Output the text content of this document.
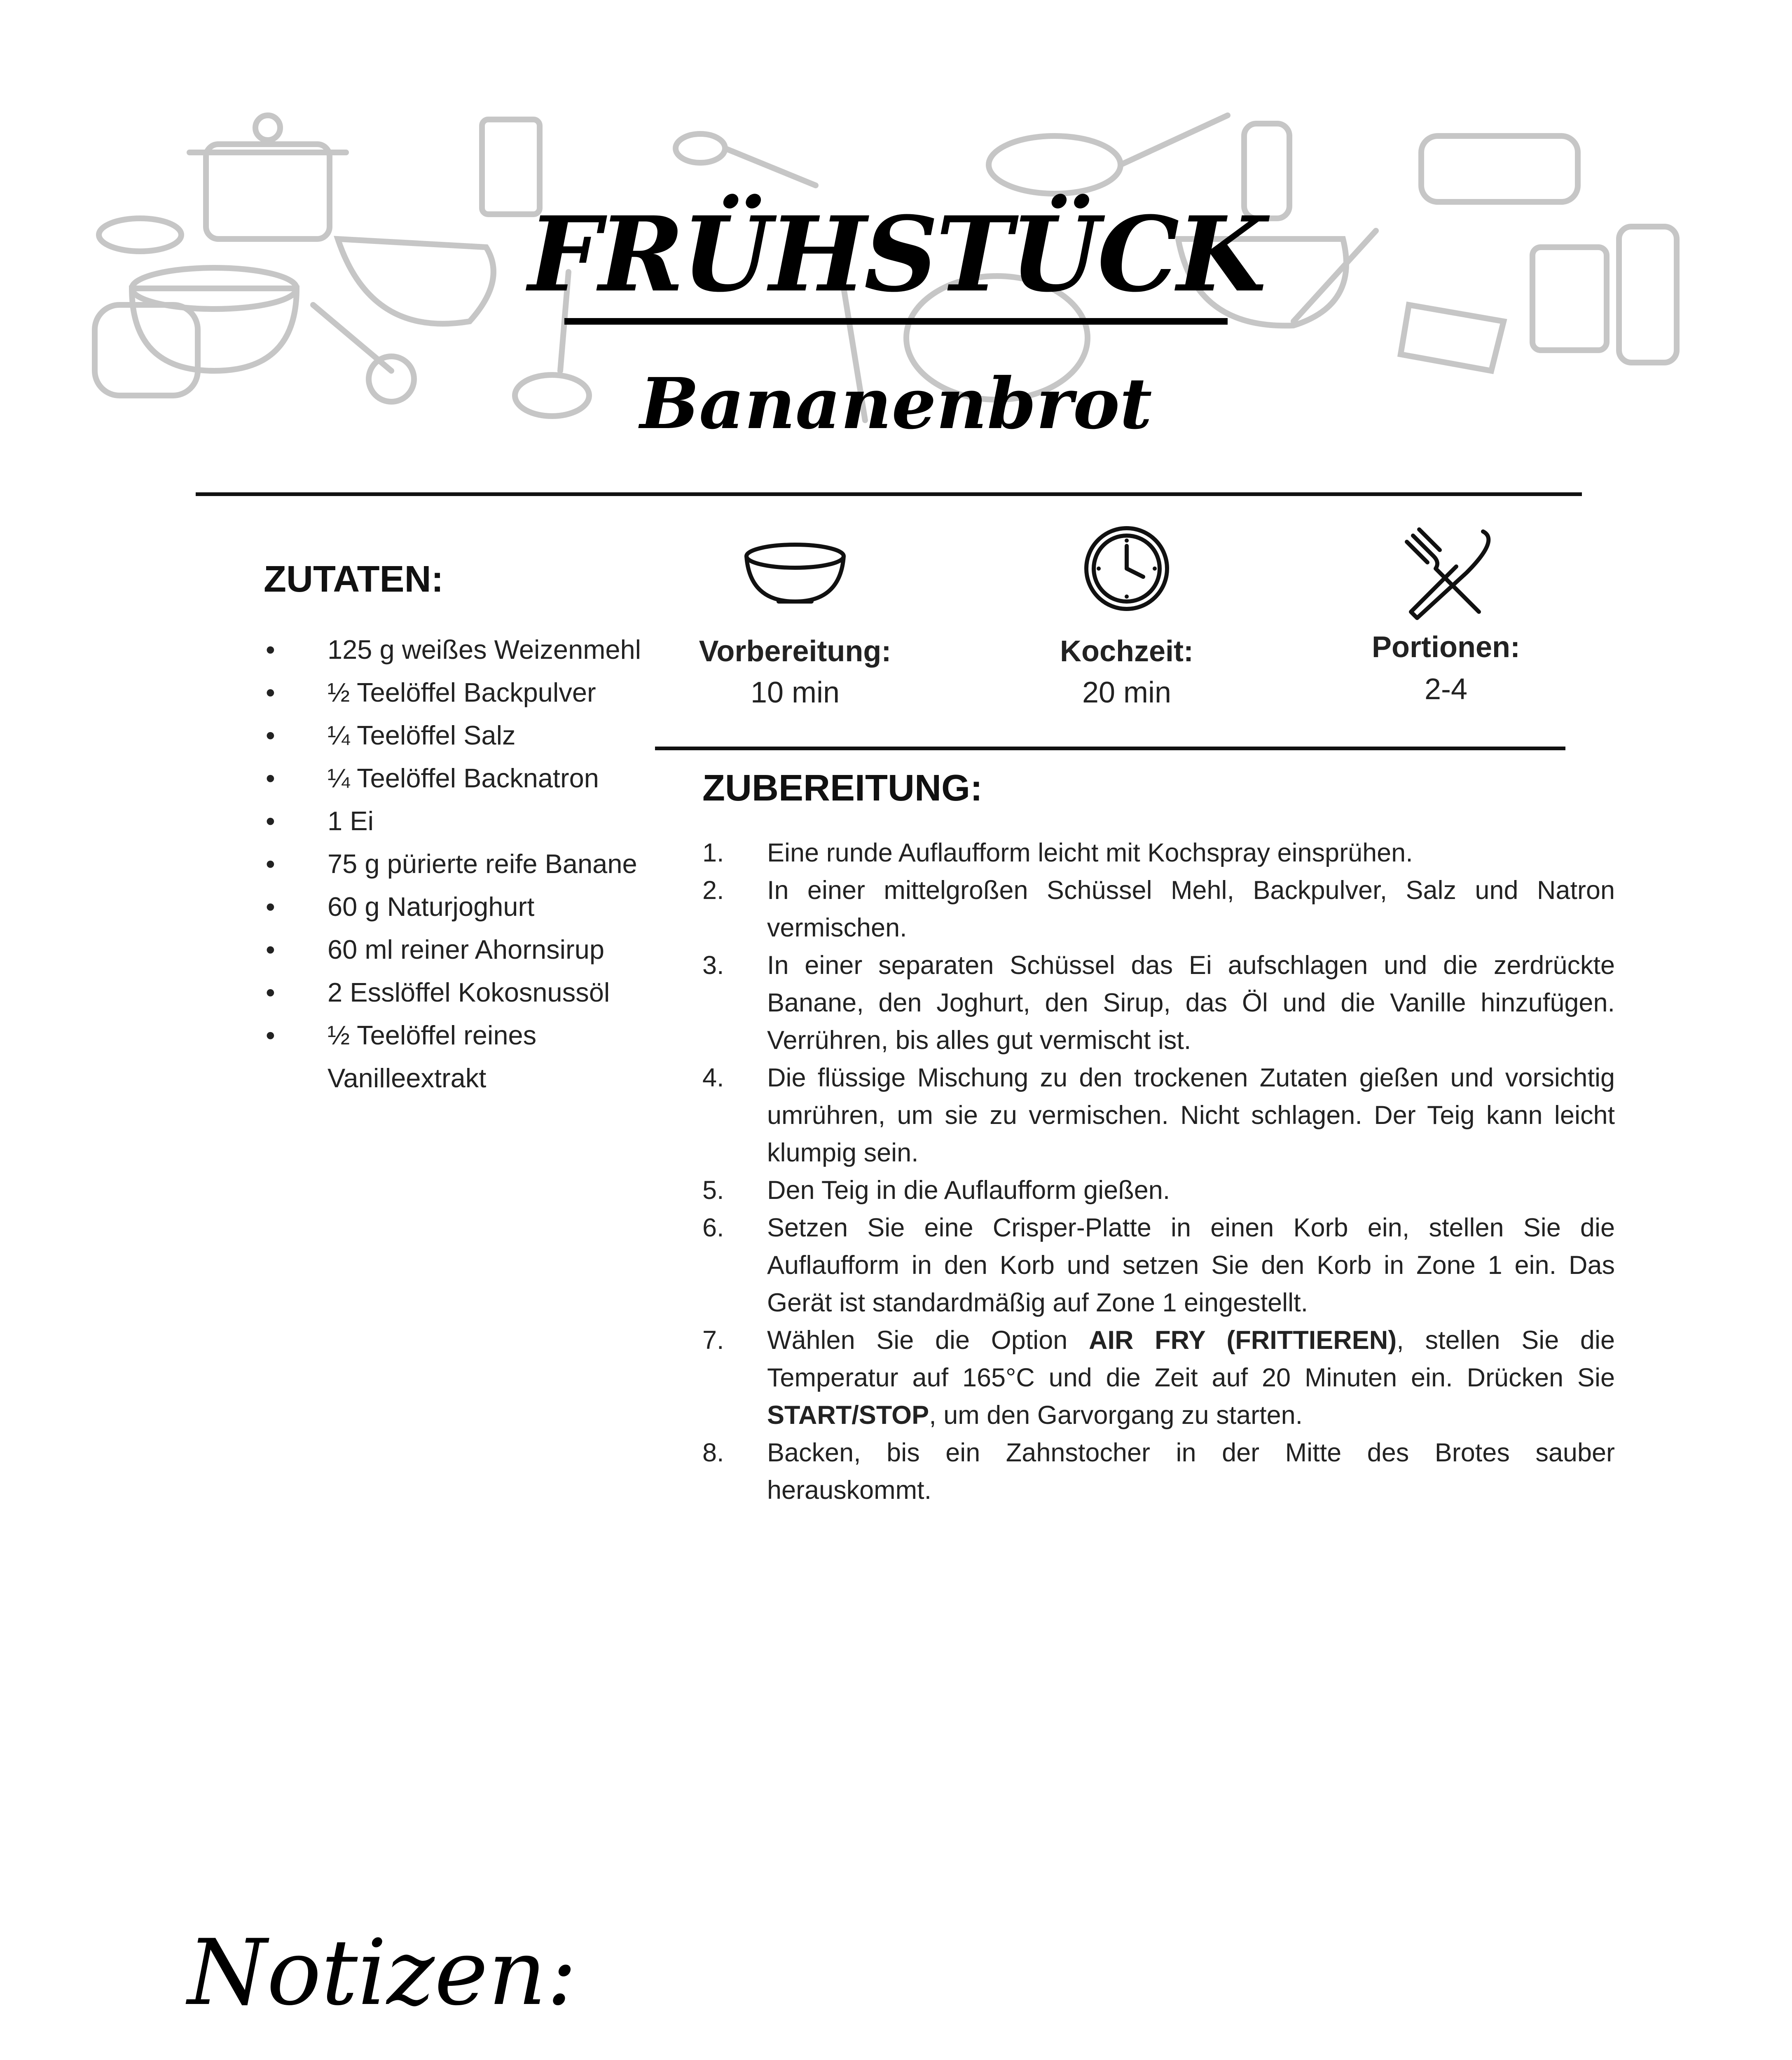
FRÜHSTÜCK
Bananenbrot
ZUTATEN:
• 125 g weißes Weizenmehl
• ½ Teelöffel Backpulver
• ¼ Teelöffel Salz
• ¼ Teelöffel Backnatron
• 1 Ei
• 75 g pürierte reife Banane
• 60 g Naturjoghurt
• 60 ml reiner Ahornsirup
• 2 Esslöffel Kokosnussöl
• ½ Teelöffel reines Vanilleextrakt
Vorbereitung:
10 min
Kochzeit:
20 min
Portionen:
2-4
ZUBEREITUNG:
1. Eine runde Auflaufform leicht mit Kochspray einsprühen.
2. In einer mittelgroßen Schüssel Mehl, Backpulver, Salz und Natron vermischen.
3. In einer separaten Schüssel das Ei aufschlagen und die zerdrückte Banane, den Joghurt, den Sirup, das Öl und die Vanille hinzufügen. Verrühren, bis alles gut vermischt ist.
4. Die flüssige Mischung zu den trockenen Zutaten gießen und vorsichtig umrühren, um sie zu vermischen. Nicht schlagen. Der Teig kann leicht klumpig sein.
5. Den Teig in die Auflaufform gießen.
6. Setzen Sie eine Crisper-Platte in einen Korb ein, stellen Sie die Auflaufform in den Korb und setzen Sie den Korb in Zone 1 ein. Das Gerät ist standardmäßig auf Zone 1 eingestellt.
7. Wählen Sie die Option AIR FRY (FRITTIEREN), stellen Sie die Temperatur auf 165°C und die Zeit auf 20 Minuten ein. Drücken Sie START/STOP, um den Garvorgang zu starten.
8. Backen, bis ein Zahnstocher in der Mitte des Brotes sauber herauskommt.
Notizen:
